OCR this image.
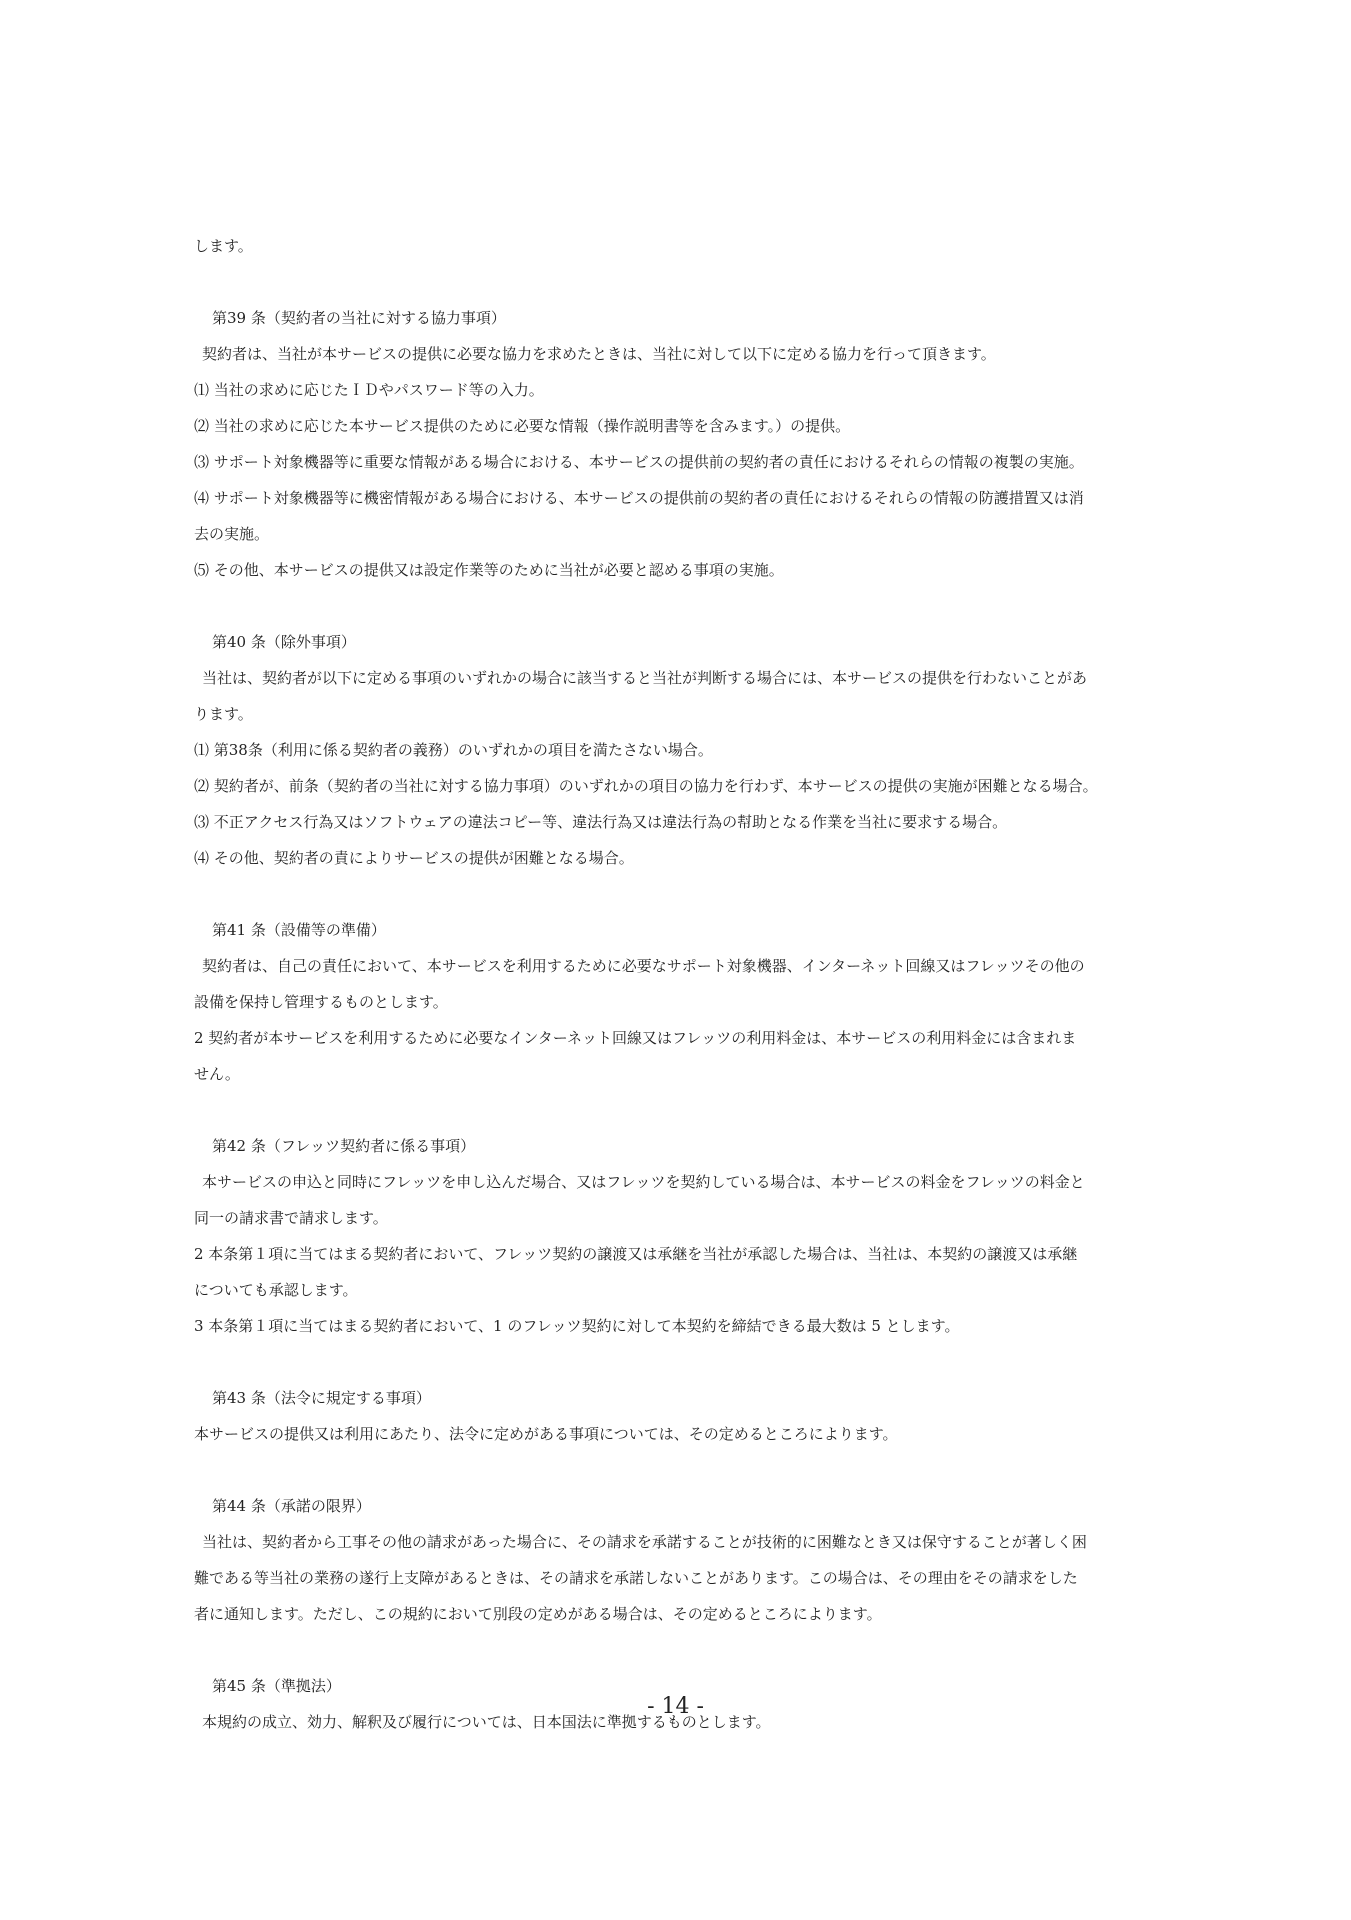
します。
第39 条（契約者の当社に対する協力事項）
契約者は、当社が本サービスの提供に必要な協力を求めたときは、当社に対して以下に定める協力を行って頂きます。
⑴ 当社の求めに応じたＩＤやパスワード等の入力。
⑵ 当社の求めに応じた本サービス提供のために必要な情報（操作説明書等を含みます。）の提供。
⑶ サポート対象機器等に重要な情報がある場合における、本サービスの提供前の契約者の責任におけるそれらの情報の複製の実施。
⑷ サポート対象機器等に機密情報がある場合における、本サービスの提供前の契約者の責任におけるそれらの情報の防護措置又は消
去の実施。
⑸ その他、本サービスの提供又は設定作業等のために当社が必要と認める事項の実施。
第40 条（除外事項）
当社は、契約者が以下に定める事項のいずれかの場合に該当すると当社が判断する場合には、本サービスの提供を行わないことがあ
ります。
⑴ 第38条（利用に係る契約者の義務）のいずれかの項目を満たさない場合。
⑵ 契約者が、前条（契約者の当社に対する協力事項）のいずれかの項目の協力を行わず、本サービスの提供の実施が困難となる場合。
⑶ 不正アクセス行為又はソフトウェアの違法コピー等、違法行為又は違法行為の幇助となる作業を当社に要求する場合。
⑷ その他、契約者の責によりサービスの提供が困難となる場合。
第41 条（設備等の準備）
契約者は、自己の責任において、本サービスを利用するために必要なサポート対象機器、インターネット回線又はフレッツその他の
設備を保持し管理するものとします。
2 契約者が本サービスを利用するために必要なインターネット回線又はフレッツの利用料金は、本サービスの利用料金には含まれま
せん。
第42 条（フレッツ契約者に係る事項）
本サービスの申込と同時にフレッツを申し込んだ場合、又はフレッツを契約している場合は、本サービスの料金をフレッツの料金と
同一の請求書で請求します。
2 本条第１項に当てはまる契約者において、フレッツ契約の譲渡又は承継を当社が承認した場合は、当社は、本契約の譲渡又は承継
についても承認します。
3 本条第１項に当てはまる契約者において、1 のフレッツ契約に対して本契約を締結できる最大数は 5 とします。
第43 条（法令に規定する事項）
本サービスの提供又は利用にあたり、法令に定めがある事項については、その定めるところによります。
第44 条（承諾の限界）
当社は、契約者から工事その他の請求があった場合に、その請求を承諾することが技術的に困難なとき又は保守することが著しく困
難である等当社の業務の遂行上支障があるときは、その請求を承諾しないことがあります。この場合は、その理由をその請求をした
者に通知します。ただし、この規約において別段の定めがある場合は、その定めるところによります。
第45 条（準拠法）
本規約の成立、効力、解釈及び履行については、日本国法に準拠するものとします。
- 14 -
